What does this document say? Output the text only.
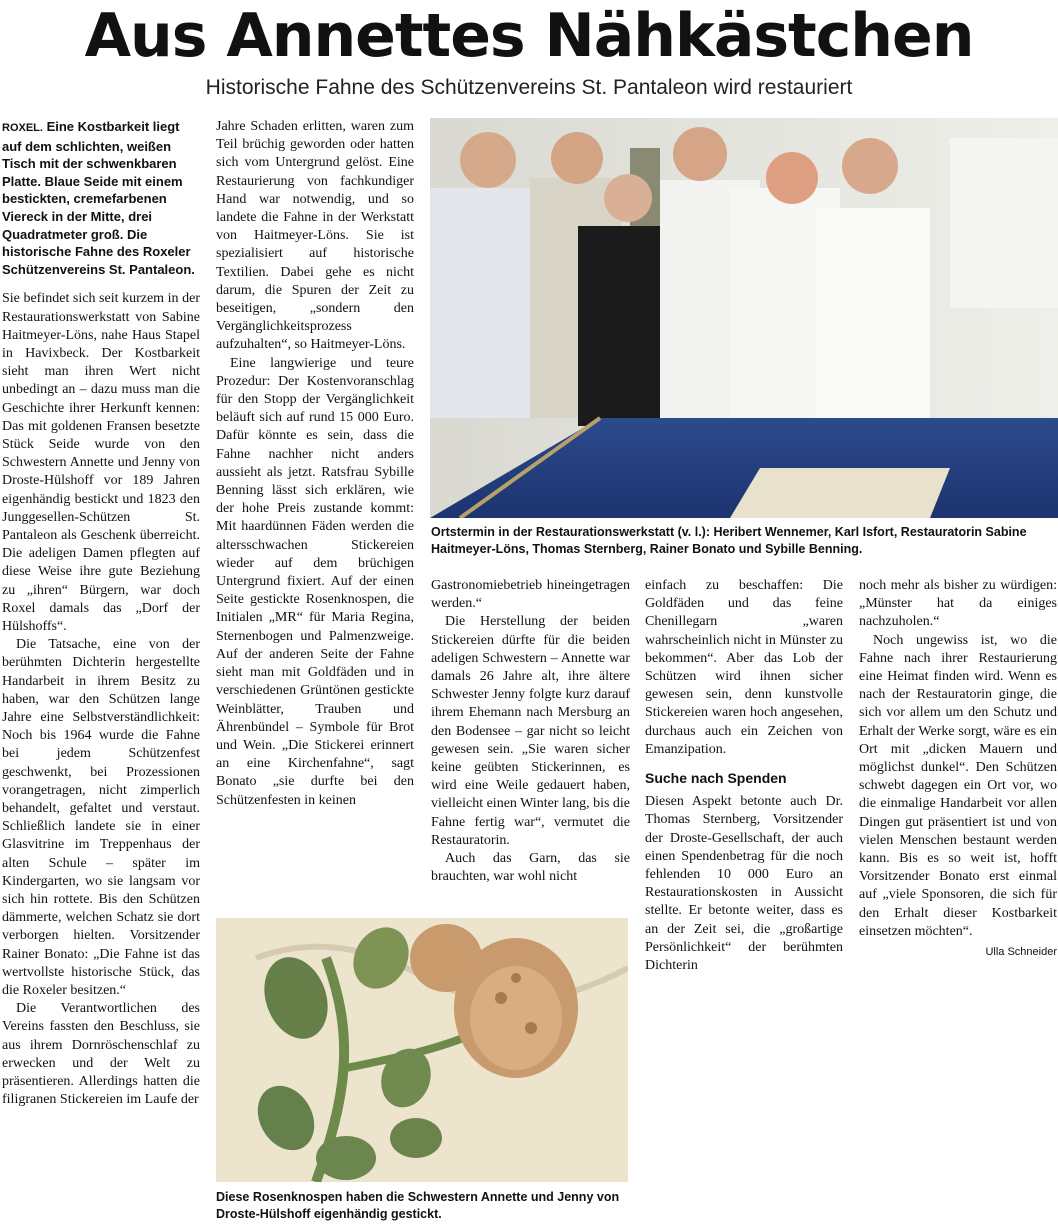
Aus Annettes Nähkästchen
Historische Fahne des Schützenvereins St. Pantaleon wird restauriert
ROXEL. Eine Kostbarkeit liegt auf dem schlichten, weißen Tisch mit der schwenkbaren Platte. Blaue Seide mit einem bestickten, cremefarbenen Viereck in der Mitte, drei Quadratmeter groß. Die historische Fahne des Roxeler Schützenvereins St. Pantaleon.

Sie befindet sich seit kurzem in der Restaurationswerkstatt von Sabine Haitmeyer-Löns, nahe Haus Stapel in Havixbeck. Der Kostbarkeit sieht man ihren Wert nicht unbedingt an – dazu muss man die Geschichte ihrer Herkunft kennen: Das mit goldenen Fransen besetzte Stück Seide wurde von den Schwestern Annette und Jenny von Droste-Hülshoff vor 189 Jahren eigenhändig bestickt und 1823 den Junggesellen-Schützen St. Pantaleon als Geschenk überreicht. Die adeligen Damen pflegten auf diese Weise ihre gute Beziehung zu „ihren“ Bürgern, war doch Roxel damals das „Dorf der Hülshoffs“.

Die Tatsache, eine von der berühmten Dichterin hergestellte Handarbeit in ihrem Besitz zu haben, war den Schützen lange Jahre eine Selbstverständlichkeit: Noch bis 1964 wurde die Fahne bei jedem Schützenfest geschwenkt, bei Prozessionen vorangetragen, nicht zimperlich behandelt, gefaltet und verstaut. Schließlich landete sie in einer Glasvitrine im Treppenhaus der alten Schule – später im Kindergarten, wo sie langsam vor sich hin rottete. Bis den Schützen dämmerte, welchen Schatz sie dort verborgen hielten. Vorsitzender Rainer Bonato: „Die Fahne ist das wertvollste historische Stück, das die Roxeler besitzen.“

Die Verantwortlichen des Vereins fassten den Beschluss, sie aus ihrem Dornröschenschlaf zu erwecken und der Welt zu präsentieren. Allerdings hatten die filigranen Stickereien im Laufe der

Jahre Schaden erlitten, waren zum Teil brüchig geworden oder hatten sich vom Untergrund gelöst. Eine Restaurierung von fachkundiger Hand war notwendig, und so landete die Fahne in der Werkstatt von Haitmeyer-Löns. Sie ist spezialisiert auf historische Textilien. Dabei gehe es nicht darum, die Spuren der Zeit zu beseitigen, „sondern den Vergänglichkeitsprozess aufzuhalten“, so Haitmeyer-Löns.

Eine langwierige und teure Prozedur: Der Kostenvoranschlag für den Stopp der Vergänglichkeit beläuft sich auf rund 15 000 Euro. Dafür könnte es sein, dass die Fahne nachher nicht anders aussieht als jetzt. Ratsfrau Sybille Benning lässt sich erklären, wie der hohe Preis zustande kommt: Mit haardünnen Fäden werden die altersschwachen Stickereien wieder auf dem brüchigen Untergrund fixiert. Auf der einen Seite gestickte Rosenknospen, die Initialen „MR“ für Maria Regina, Sternenbogen und Palmenzweige. Auf der anderen Seite der Fahne sieht man mit Goldfäden und in verschiedenen Grüntönen gestickte Weinblätter, Trauben und Ährenbündel – Symbole für Brot und Wein. „Die Stickerei erinnert an eine Kirchenfahne“, sagt Bonato „sie durfte bei den Schützenfesten in keinen

Ortstermin in der Restaurationswerkstatt (v. l.): Heribert Wennemer, Karl Isfort, Restauratorin Sabine Haitmeyer-Löns, Thomas Sternberg, Rainer Bonato und Sybille Benning.

Gastronomiebetrieb hineingetragen werden.“

Die Herstellung der beiden Stickereien dürfte für die beiden adeligen Schwestern – Annette war damals 26 Jahre alt, ihre ältere Schwester Jenny folgte kurz darauf ihrem Ehemann nach Mersburg an den Bodensee – gar nicht so leicht gewesen sein. „Sie waren sicher keine geübten Stickerinnen, es wird eine Weile gedauert haben, vielleicht einen Winter lang, bis die Fahne fertig war“, vermutet die Restauratorin.

Auch das Garn, das sie brauchten, war wohl nicht

einfach zu beschaffen: Die Goldfäden und das feine Chenillegarn „waren wahrscheinlich nicht in Münster zu bekommen“. Aber das Lob der Schützen wird ihnen sicher gewesen sein, denn kunstvolle Stickereien waren hoch angesehen, durchaus auch ein Zeichen von Emanzipation.

Suche nach Spenden

Diesen Aspekt betonte auch Dr. Thomas Sternberg, Vorsitzender der Droste-Gesellschaft, der auch einen Spendenbetrag für die noch fehlenden 10 000 Euro an Restaurationskosten in Aussicht stellte. Er betonte weiter, dass es an der Zeit sei, die „großartige Persönlichkeit“ der berühmten Dichterin

noch mehr als bisher zu würdigen: „Münster hat da einiges nachzuholen.“

Noch ungewiss ist, wo die Fahne nach ihrer Restaurierung eine Heimat finden wird. Wenn es nach der Restauratorin ginge, die sich vor allem um den Schutz und Erhalt der Werke sorgt, wäre es ein Ort mit „dicken Mauern und möglichst dunkel“. Den Schützen schwebt dagegen ein Ort vor, wo die einmalige Handarbeit vor allen Dingen gut präsentiert ist und von vielen Menschen bestaunt werden kann. Bis es so weit ist, hofft Vorsitzender Bonato erst einmal auf „viele Sponsoren, die sich für den Erhalt dieser Kostbarkeit einsetzen möchten“.
Ulla Schneider

Diese Rosenknospen haben die Schwestern Annette und Jenny von Droste-Hülshoff eigenhändig gestickt.
